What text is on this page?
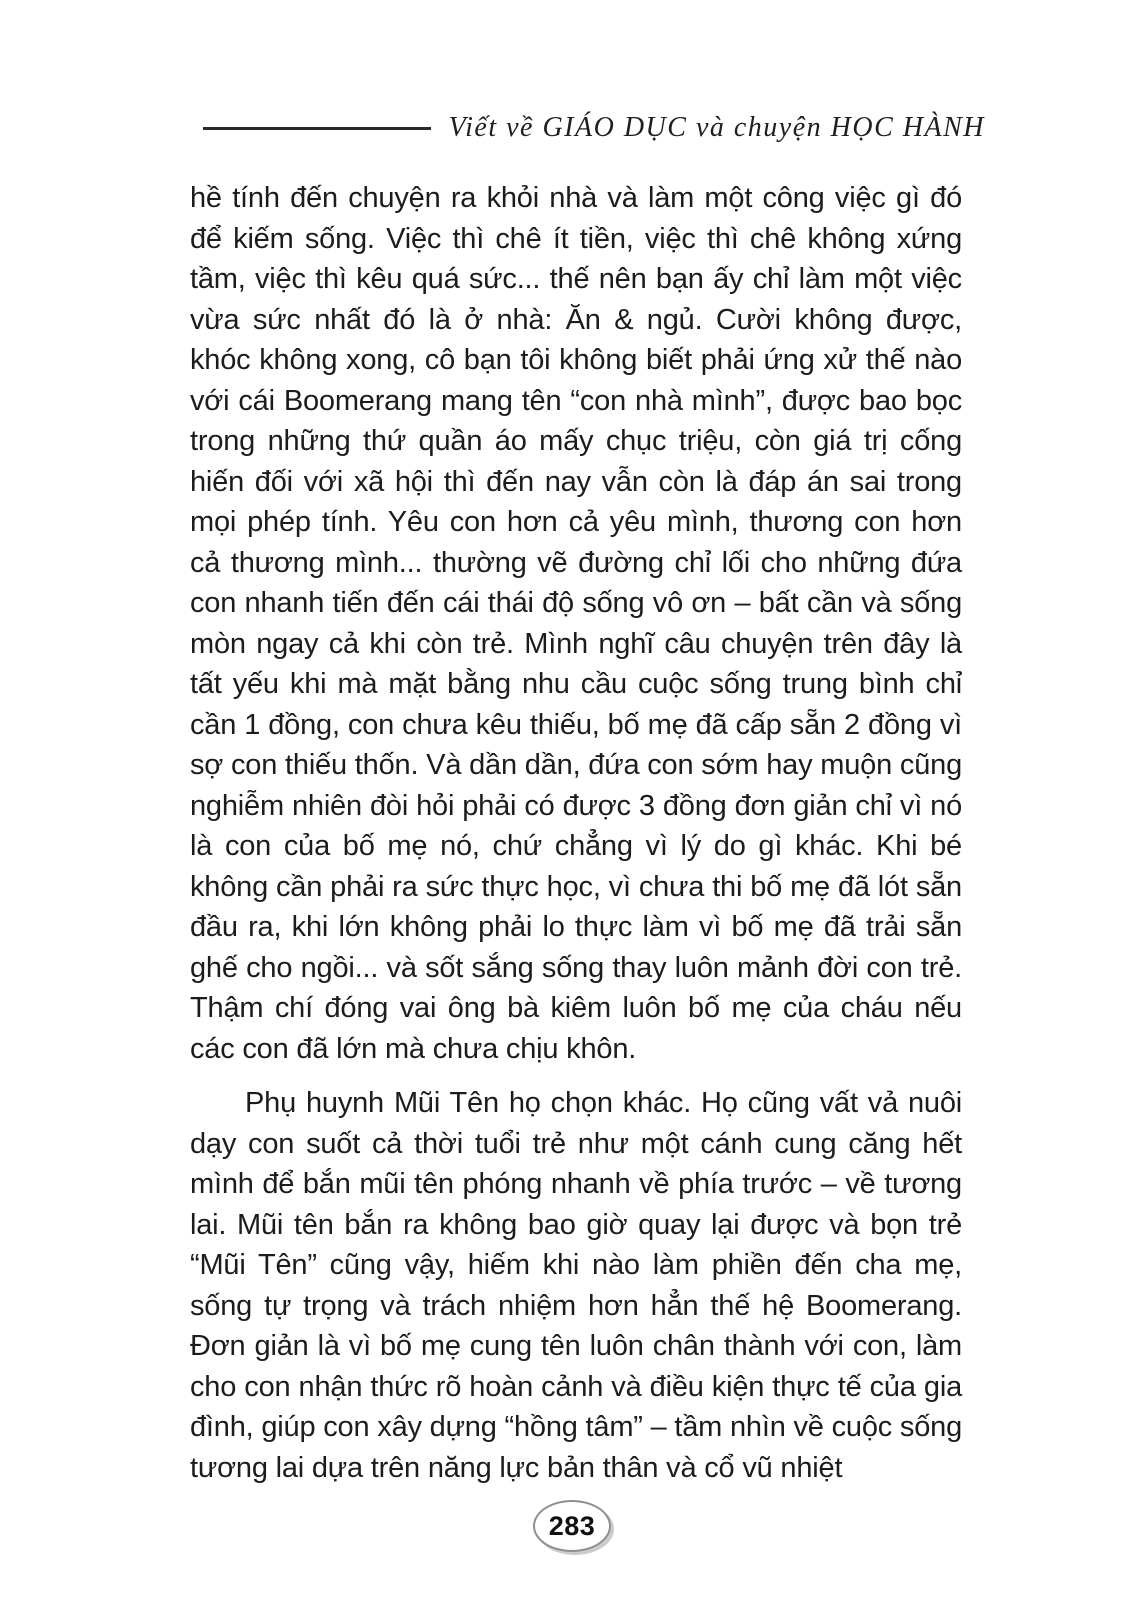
Viết về GIÁO DỤC và chuyện HỌC HÀNH

hề tính đến chuyện ra khỏi nhà và làm một công việc gì đó để kiếm sống. Việc thì chê ít tiền, việc thì chê không xứng tầm, việc thì kêu quá sức... thế nên bạn ấy chỉ làm một việc vừa sức nhất đó là ở nhà: Ăn & ngủ. Cười không được, khóc không xong, cô bạn tôi không biết phải ứng xử thế nào với cái Boomerang mang tên “con nhà mình”, được bao bọc trong những thứ quần áo mấy chục triệu, còn giá trị cống hiến đối với xã hội thì đến nay vẫn còn là đáp án sai trong mọi phép tính. Yêu con hơn cả yêu mình, thương con hơn cả thương mình... thường vẽ đường chỉ lối cho những đứa con nhanh tiến đến cái thái độ sống vô ơn – bất cần và sống mòn ngay cả khi còn trẻ. Mình nghĩ câu chuyện trên đây là tất yếu khi mà mặt bằng nhu cầu cuộc sống trung bình chỉ cần 1 đồng, con chưa kêu thiếu, bố mẹ đã cấp sẵn 2 đồng vì sợ con thiếu thốn. Và dần dần, đứa con sớm hay muộn cũng nghiễm nhiên đòi hỏi phải có được 3 đồng đơn giản chỉ vì nó là con của bố mẹ nó, chứ chẳng vì lý do gì khác. Khi bé không cần phải ra sức thực học, vì chưa thi bố mẹ đã lót sẵn đầu ra, khi lớn không phải lo thực làm vì bố mẹ đã trải sẵn ghế cho ngồi... và sốt sắng sống thay luôn mảnh đời con trẻ. Thậm chí đóng vai ông bà kiêm luôn bố mẹ của cháu nếu các con đã lớn mà chưa chịu khôn.

Phụ huynh Mũi Tên họ chọn khác. Họ cũng vất vả nuôi dạy con suốt cả thời tuổi trẻ như một cánh cung căng hết mình để bắn mũi tên phóng nhanh về phía trước – về tương lai. Mũi tên bắn ra không bao giờ quay lại được và bọn trẻ “Mũi Tên” cũng vậy, hiếm khi nào làm phiền đến cha mẹ, sống tự trọng và trách nhiệm hơn hẳn thế hệ Boomerang. Đơn giản là vì bố mẹ cung tên luôn chân thành với con, làm cho con nhận thức rõ hoàn cảnh và điều kiện thực tế của gia đình, giúp con xây dựng “hồng tâm” – tầm nhìn về cuộc sống tương lai dựa trên năng lực bản thân và cổ vũ nhiệt

283
